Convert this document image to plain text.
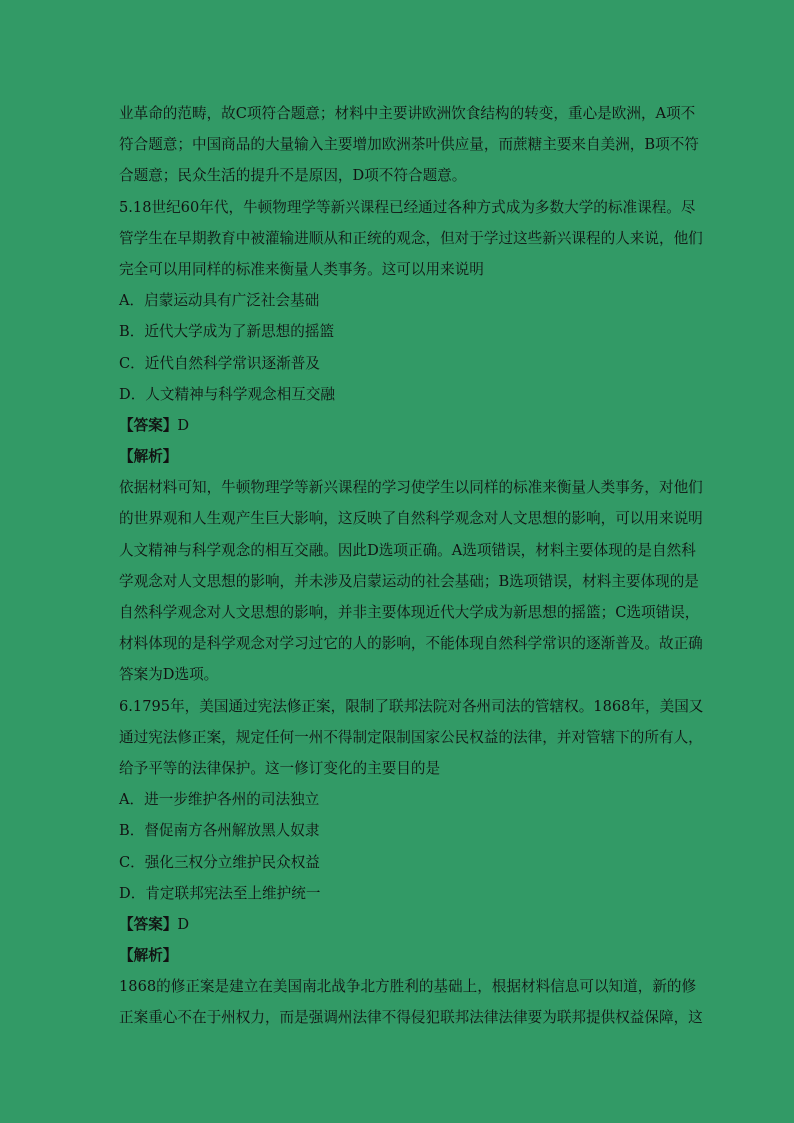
业革命的范畴，故C项符合题意；材料中主要讲欧洲饮食结构的转变，重心是欧洲，A项不
符合题意；中国商品的大量输入主要增加欧洲茶叶供应量，而蔗糖主要来自美洲，B项不符
合题意；民众生活的提升不是原因，D项不符合题意。
5.18世纪60年代，牛顿物理学等新兴课程已经通过各种方式成为多数大学的标准课程。尽
管学生在早期教育中被灌输进顺从和正统的观念，但对于学过这些新兴课程的人来说，他们
完全可以用同样的标准来衡量人类事务。这可以用来说明
A．启蒙运动具有广泛社会基础
B．近代大学成为了新思想的摇篮
C．近代自然科学常识逐渐普及
D．人文精神与科学观念相互交融
【答案】D
【解析】
依据材料可知，牛顿物理学等新兴课程的学习使学生以同样的标准来衡量人类事务，对他们
的世界观和人生观产生巨大影响，这反映了自然科学观念对人文思想的影响，可以用来说明
人文精神与科学观念的相互交融。因此D选项正确。A选项错误，材料主要体现的是自然科
学观念对人文思想的影响，并未涉及启蒙运动的社会基础；B选项错误，材料主要体现的是
自然科学观念对人文思想的影响，并非主要体现近代大学成为新思想的摇篮；C选项错误，
材料体现的是科学观念对学习过它的人的影响，不能体现自然科学常识的逐渐普及。故正确
答案为D选项。
6.1795年，美国通过宪法修正案，限制了联邦法院对各州司法的管辖权。1868年，美国又
通过宪法修正案，规定任何一州不得制定限制国家公民权益的法律，并对管辖下的所有人，
给予平等的法律保护。这一修订变化的主要目的是
A．进一步维护各州的司法独立
B．督促南方各州解放黑人奴隶
C．强化三权分立维护民众权益
D．肯定联邦宪法至上维护统一
【答案】D
【解析】
1868的修正案是建立在美国南北战争北方胜利的基础上，根据材料信息可以知道，新的修
正案重心不在于州权力，而是强调州法律不得侵犯联邦法律法律要为联邦提供权益保障，这
